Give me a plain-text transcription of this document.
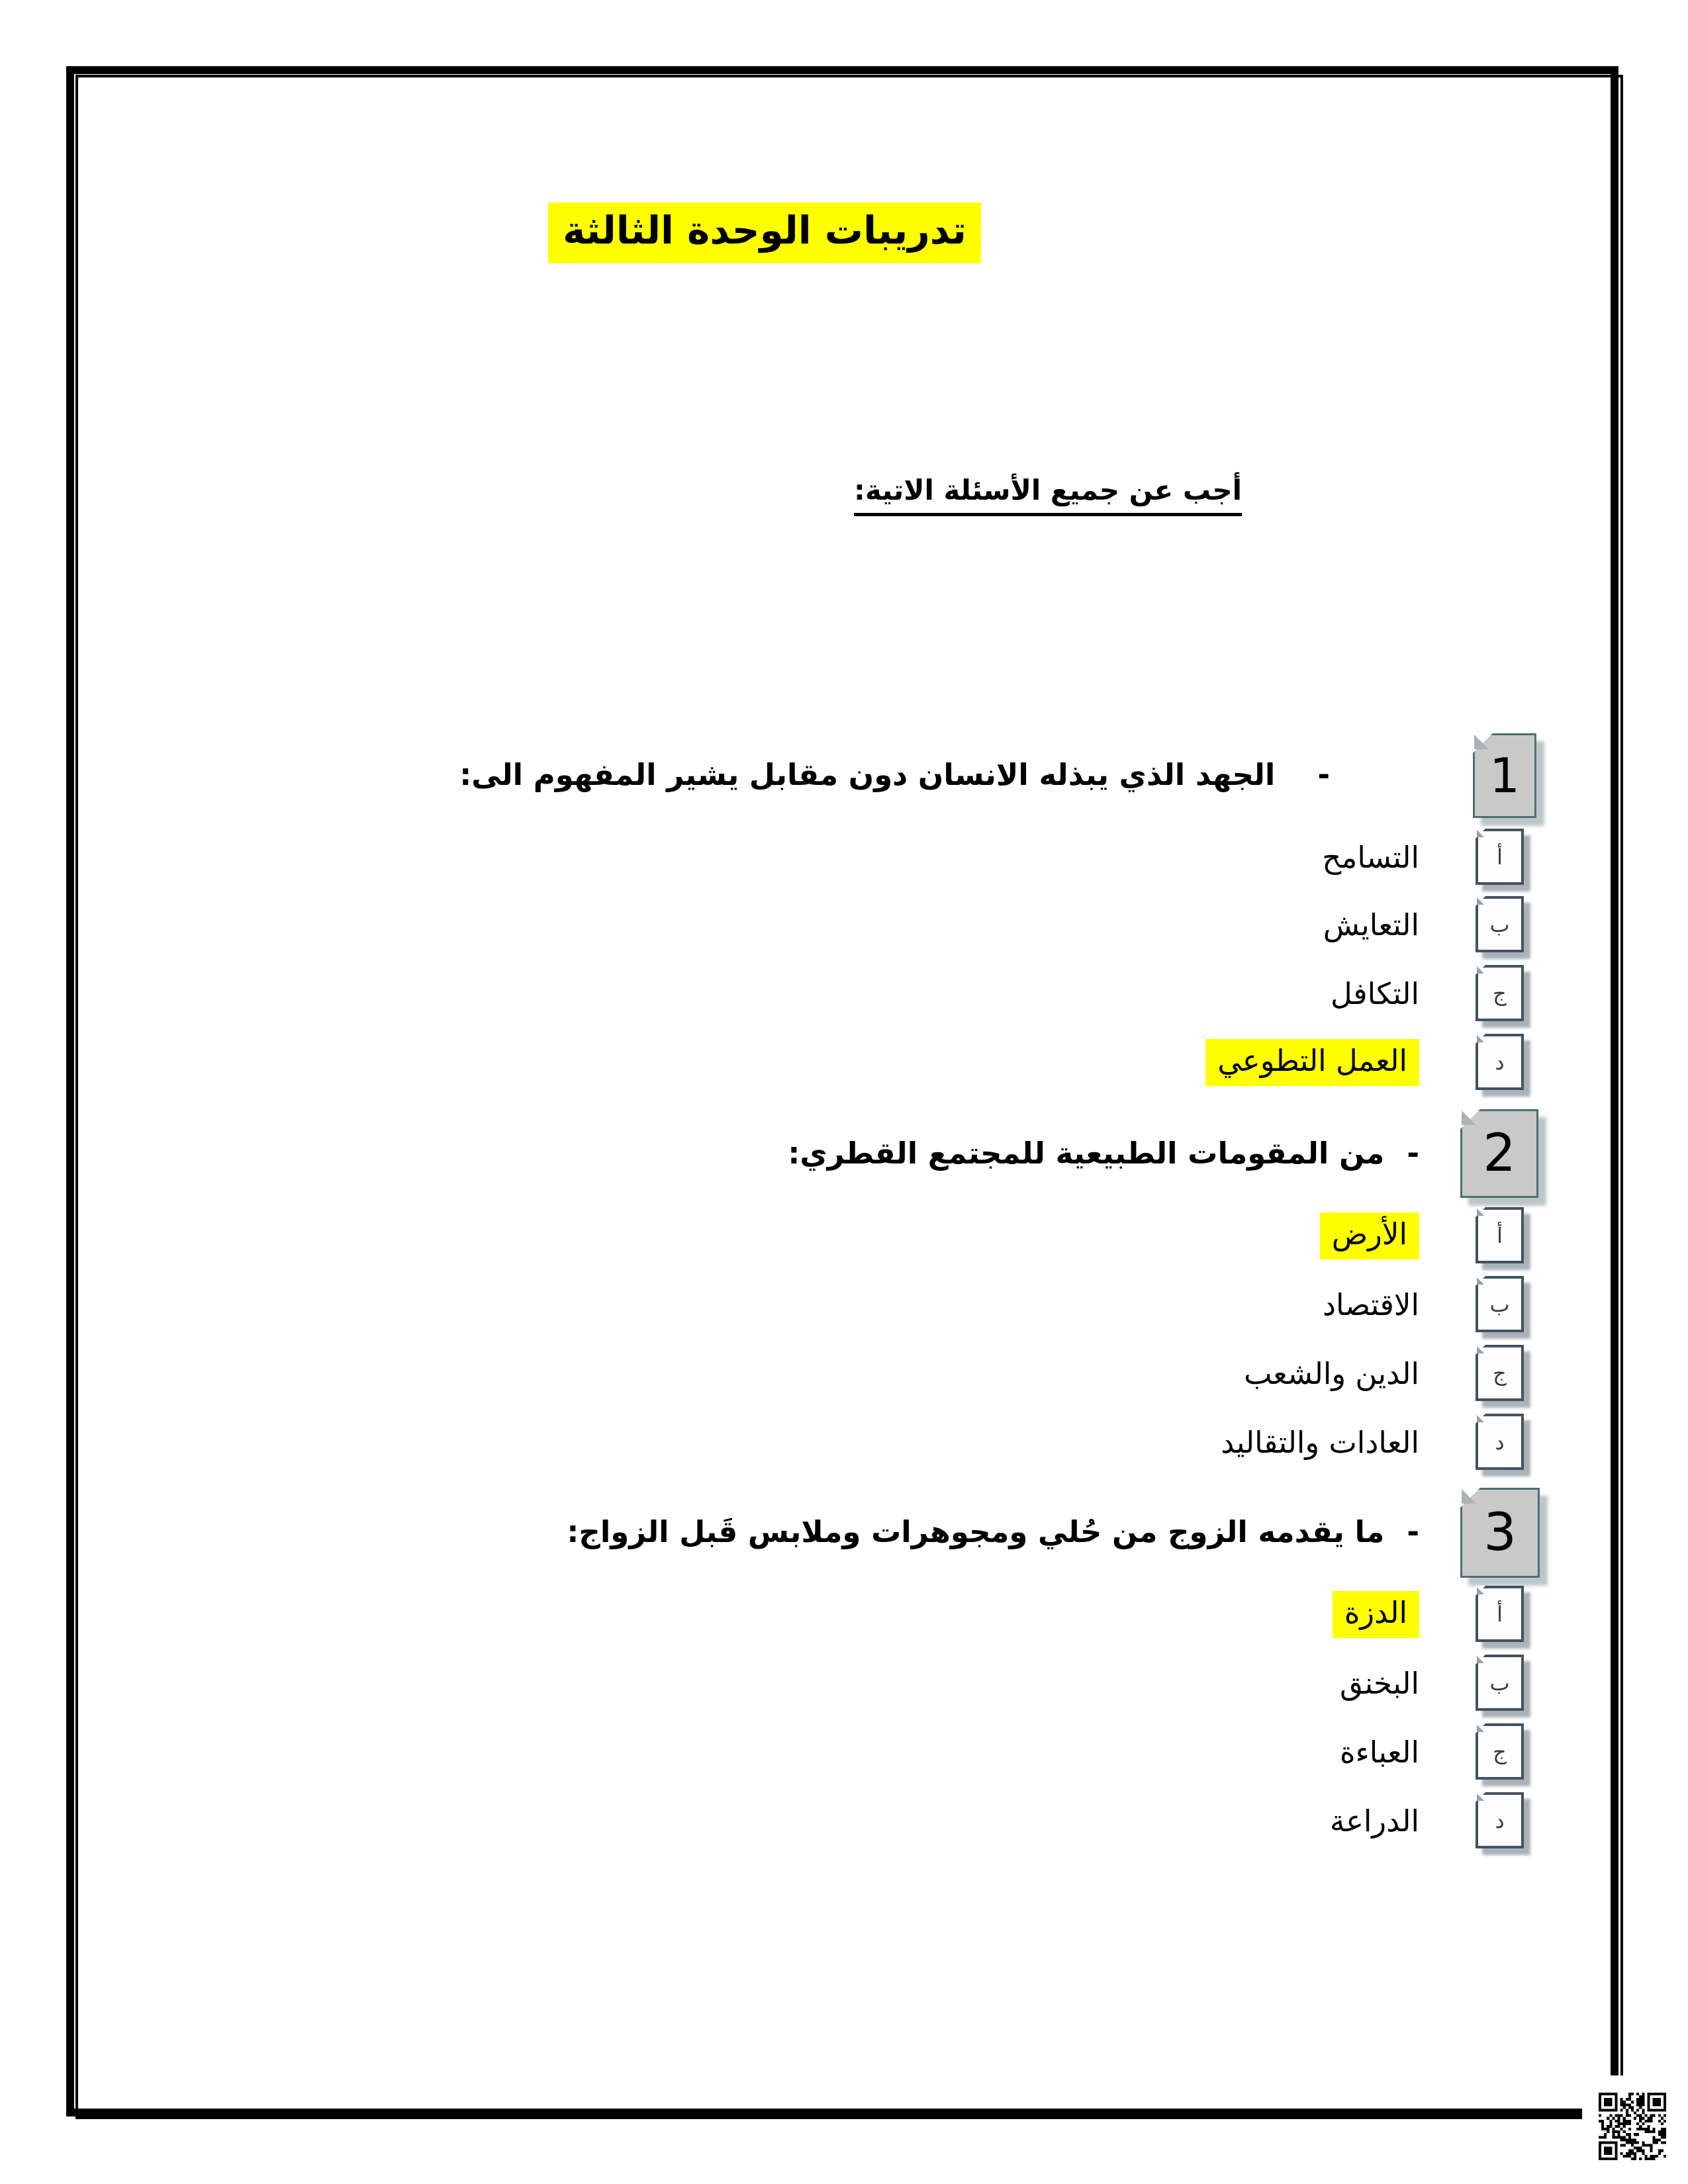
تدريبات الوحدة الثالثة
أجب عن جميع الأسئلة الاتية:
1
-
الجهد الذي يبذله الانسان دون مقابل يشير المفهوم الى:
أ
التسامح
ب
التعايش
ج
التكافل
د
العمل التطوعي
2
-
من المقومات الطبيعية للمجتمع القطري:
أ
الأرض
ب
الاقتصاد
ج
الدين والشعب
د
العادات والتقاليد
3
-
ما يقدمه الزوج من حُلي ومجوهرات وملابس قَبل الزواج:
أ
الدزة
ب
البخنق
ج
العباءة
د
الدراعة
